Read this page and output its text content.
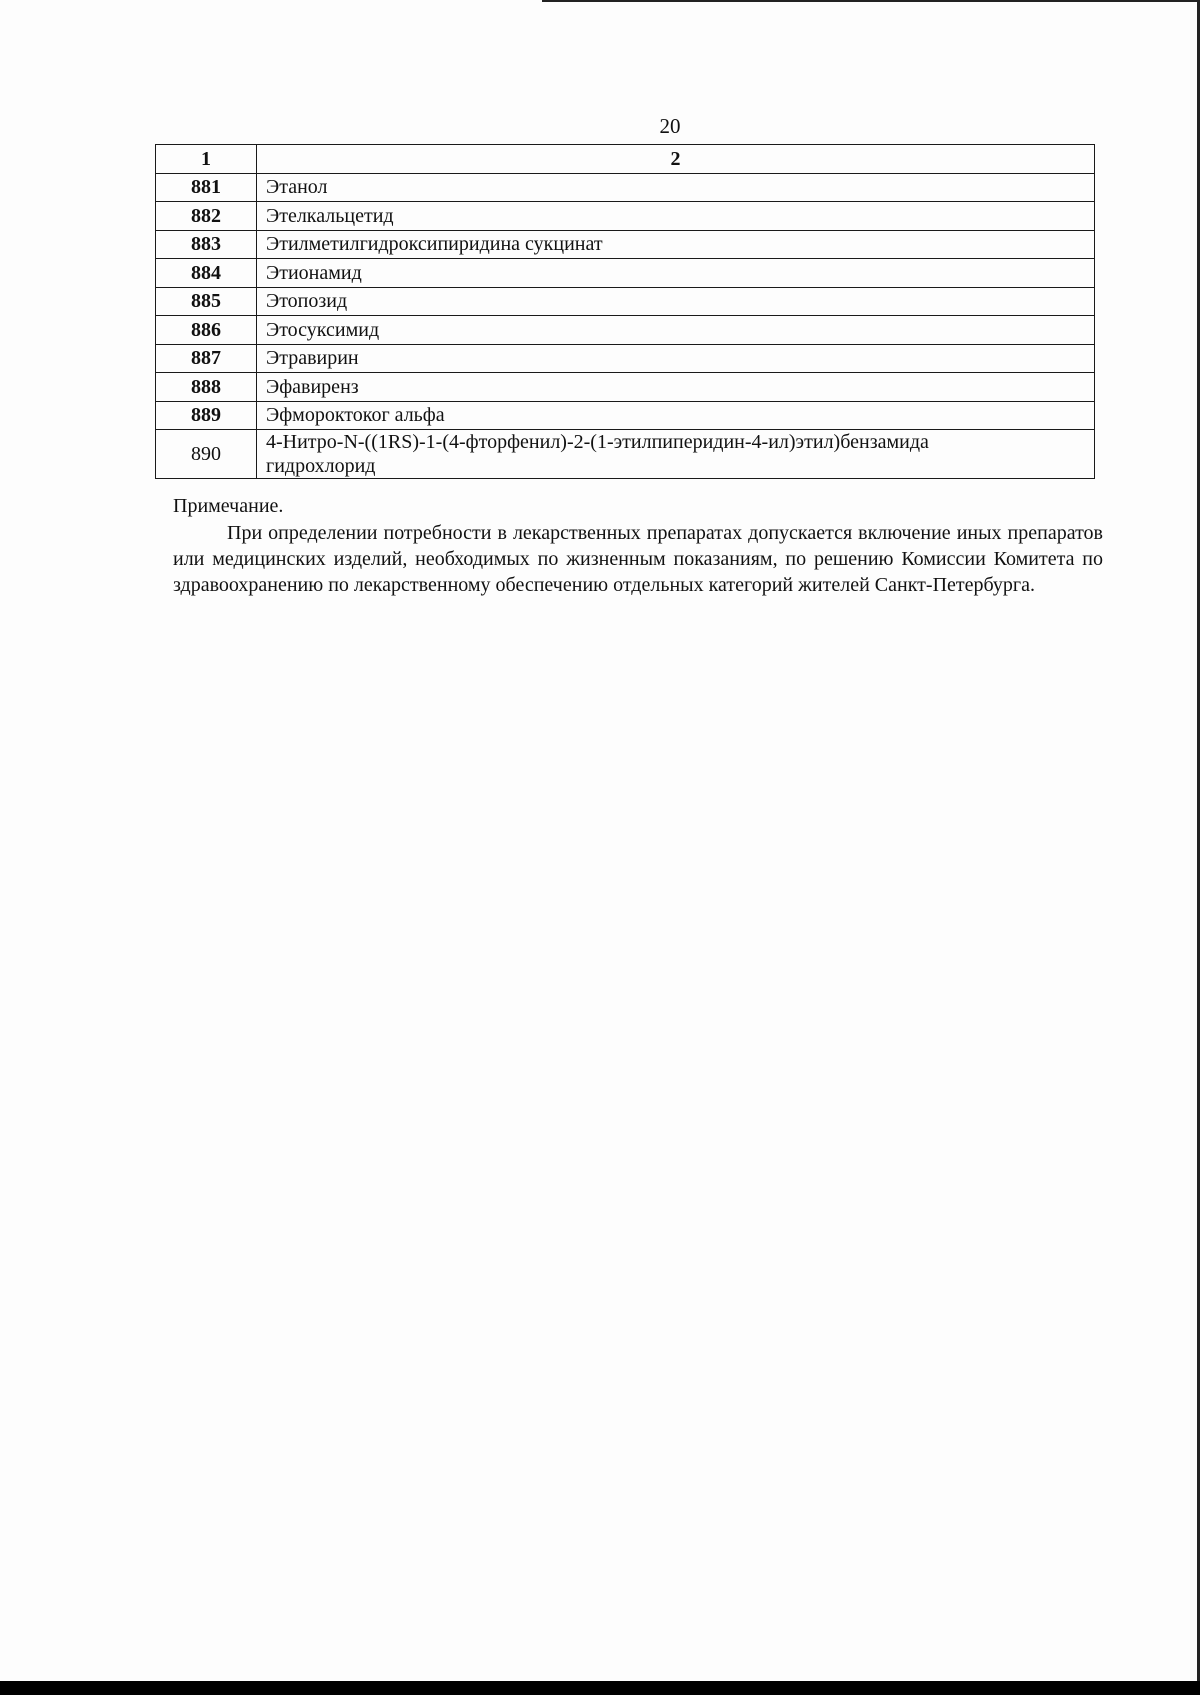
20
1	2
881	Этанол
882	Этелкальцетид
883	Этилметилгидроксипиридина сукцинат
884	Этионамид
885	Этопозид
886	Этосуксимид
887	Этравирин
888	Эфавиренз
889	Эфмороктоког альфа
890	4-Нитро-N-((1RS)-1-(4-фторфенил)-2-(1-этилпиперидин-4-ил)этил)бензамида
гидрохлорид
Примечание.

При определении потребности в лекарственных препаратах допускается включение иных препаратов или медицинских изделий, необходимых по жизненным показаниям, по решению Комиссии Комитета по здравоохранению по лекарственному обеспечению отдельных категорий жителей Санкт-Петербурга.
